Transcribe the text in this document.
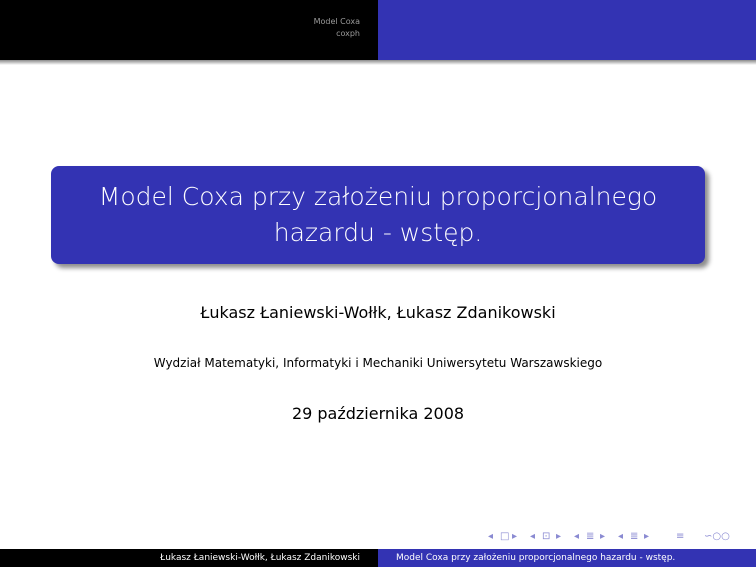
Model Coxa
coxph
Model Coxa przy założeniu proporcjonalnego
hazardu - wstęp.
Łukasz Łaniewski-Wołłk, Łukasz Zdanikowski
Wydział Matematyki, Informatyki i Mechaniki Uniwersytetu Warszawskiego
29 października 2008
◂ □ ▸ ◂ ⊡ ▸ ◂ ≣ ▸ ◂ ≣ ▸	≡ ∽○○
Łukasz Łaniewski-Wołłk, Łukasz Zdanikowski	Model Coxa przy założeniu proporcjonalnego hazardu - wstęp.
